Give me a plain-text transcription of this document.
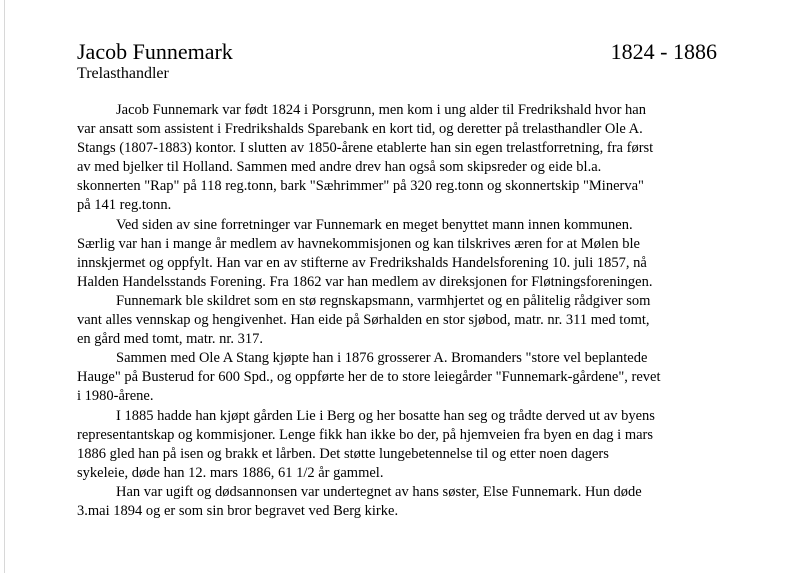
Jacob Funnemark	1824 - 1886
Trelasthandler
Jacob Funnemark var født 1824 i Porsgrunn, men kom i ung alder til Fredrikshald hvor han
var ansatt som assistent i Fredrikshalds Sparebank en kort tid, og deretter på trelasthandler Ole A.
Stangs (1807-1883) kontor. I slutten av 1850-årene etablerte han sin egen trelastforretning, fra først
av med bjelker til Holland. Sammen med andre drev han også som skipsreder og eide bl.a.
skonnerten "Rap" på 118 reg.tonn, bark "Sæhrimmer" på 320 reg.tonn og skonnertskip "Minerva"
på 141 reg.tonn.
Ved siden av sine forretninger var Funnemark en meget benyttet mann innen kommunen.
Særlig var han i mange år medlem av havnekommisjonen og kan tilskrives æren for at Mølen ble
innskjermet og oppfylt. Han var en av stifterne av Fredrikshalds Handelsforening 10. juli 1857, nå
Halden Handelsstands Forening. Fra 1862 var han medlem av direksjonen for Fløtningsforeningen.
Funnemark ble skildret som en stø regnskapsmann, varmhjertet og en pålitelig rådgiver som
vant alles vennskap og hengivenhet. Han eide på Sørhalden en stor sjøbod, matr. nr. 311 med tomt,
en gård med tomt, matr. nr. 317.
Sammen med Ole A Stang kjøpte han i 1876 grosserer A. Bromanders "store vel beplantede
Hauge" på Busterud for 600 Spd., og oppførte her de to store leiegårder "Funnemark-gårdene", revet
i 1980-årene.
I 1885 hadde han kjøpt gården Lie i Berg og her bosatte han seg og trådte derved ut av byens
representantskap og kommisjoner. Lenge fikk han ikke bo der, på hjemveien fra byen en dag i mars
1886 gled han på isen og brakk et lårben. Det støtte lungebetennelse til og etter noen dagers
sykeleie, døde han 12. mars 1886, 61 1/2 år gammel.
Han var ugift og dødsannonsen var undertegnet av hans søster, Else Funnemark. Hun døde
3.mai 1894 og er som sin bror begravet ved Berg kirke.
